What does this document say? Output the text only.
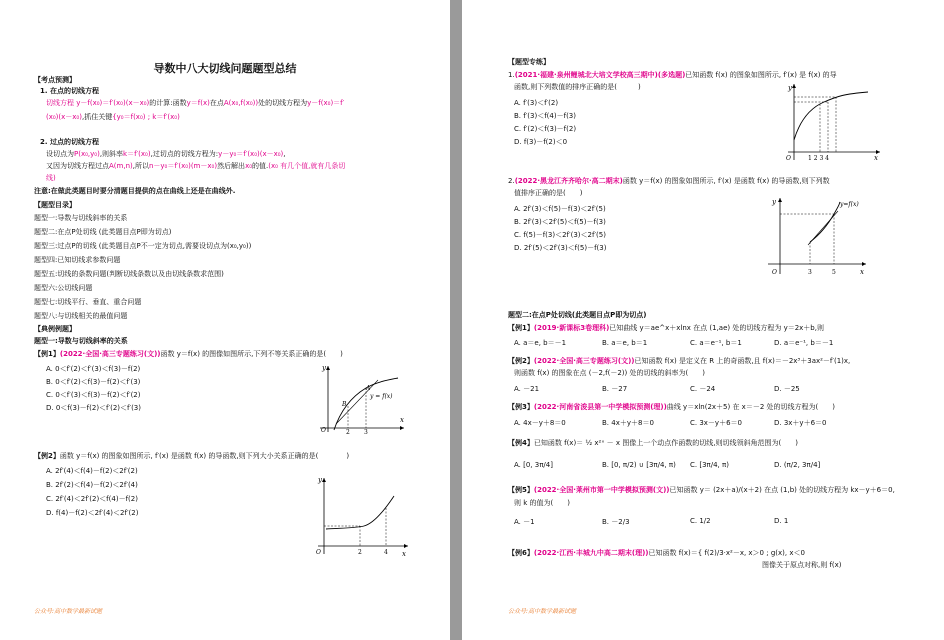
导数中八大切线问题题型总结
【考点预测】
1. 在点的切线方程
切线方程 y－f(x₀)＝f′(x₀)(x－x₀)的计算:函数y＝f(x)在点A(x₀,f(x₀))处的切线方程为y－f(x₀)＝f′
(x₀)(x－x₀),抓住关键{y₀＝f(x₀) ; k＝f′(x₀)
2. 过点的切线方程
设切点为P(x₀,y₀),则斜率k＝f′(x₀),过切点的切线方程为:y－y₀＝f′(x₀)(x－x₀),
又因为切线方程过点A(m,n),所以n－y₀＝f′(x₀)(m－x₀)然后解出x₀的值.(x₀ 有几个值,就有几条切
线)
注意:在做此类题目时要分清题目提供的点在曲线上还是在曲线外.
【题型目录】
题型一:导数与切线斜率的关系
题型二:在点P处切线 (此类题目点P即为切点)
题型三:过点P的切线 (此类题目点P不一定为切点,需要设切点为(x₀,y₀))
题型四:已知切线求参数问题
题型五:切线的条数问题(判断切线条数以及由切线条数求范围)
题型六:公切线问题
题型七:切线平行、垂直、重合问题
题型八:与切线相关的最值问题
【典例例题】
题型一:导数与切线斜率的关系
【例1】(2022·全国·高三专题练习(文))函数 y＝f(x) 的图像如图所示,下列不等关系正确的是(　　)
A. 0＜f′(2)＜f′(3)＜f(3)－f(2)
B. 0＜f′(2)＜f(3)－f(2)＜f′(3)
C. 0＜f′(3)＜f(3)－f(2)＜f′(2)
D. 0＜f(3)－f(2)＜f′(2)＜f′(3)
y
x
O	2 3
A
B
y = f(x)
【例2】函数 y＝f(x) 的图象如图所示, f′(x) 是函数 f(x) 的导函数,则下列大小关系正确的是(　　　　)
A. 2f′(4)＜f(4)－f(2)＜2f′(2)
B. 2f′(2)＜f(4)－f(2)＜2f′(4)
C. 2f′(4)＜2f′(2)＜f(4)－f(2)
D. f(4)－f(2)＜2f′(4)＜2f′(2)
y
x
O	2	4
公众号:高中数学最新试题
【题型专练】
1.(2021·福建·泉州鲤城北大培文学校高三期中)(多选题)已知函数 f(x) 的图象如图所示, f′(x) 是 f(x) 的导
函数,则下列数值的排序正确的是(　　　)
A. f′(3)＜f′(2)
B. f′(3)＜f(4)－f(3)
C. f′(2)＜f(3)－f(2)
D. f(3)－f(2)＜0
y
x
O	1 2 3 4
2.(2022·黑龙江齐齐哈尔·高二期末)函数 y＝f(x) 的图象如图所示, f′(x) 是函数 f(x) 的导函数,则下列数
值排序正确的是(　　)
A. 2f′(3)＜f(5)－f(3)＜2f′(5)
B. 2f′(3)＜2f′(5)＜f(5)－f(3)
C. f(5)－f(3)＜2f′(3)＜2f′(5)
D. 2f′(5)＜2f′(3)＜f(5)－f(3)
y
x
O	3	5
y=f(x)
题型二:在点P处切线(此类题目点P即为切点)
【例1】(2019·新课标3卷理科)已知曲线 y＝ae^x＋xlnx 在点 (1,ae) 处的切线方程为 y＝2x＋b,则
A. a＝e, b＝－1	B. a＝e, b＝1	C. a＝e⁻¹, b＝1	D. a＝e⁻¹, b＝－1
【例2】(2022·全国·高三专题练习(文))已知函数 f(x) 是定义在 R 上的奇函数,且 f(x)＝－2x³＋3ax²－f′(1)x,
则函数 f(x) 的图象在点 (－2,f(－2)) 处的切线的斜率为(　　)
A. －21	B. －27	C. －24	D. －25
【例3】(2022·河南省浚县第一中学模拟预测(理))曲线 y＝xln(2x＋5) 在 x＝－2 处的切线方程为(　　)
A. 4x－y＋8＝0	B. 4x＋y＋8＝0	C. 3x－y＋6＝0	D. 3x＋y＋6＝0
【例4】已知函数 f(x)＝ ½ x²ˣ － x 图像上一个动点作函数的切线,则切线领斜角范围为(　　)
A. [0, 3π/4]	B. [0, π/2) ∪ [3π/4, π) C. [3π/4, π)	D. (π/2, 3π/4]
【例5】(2022·全国·莱州市第一中学模拟预测(文))已知函数 y＝ (2x＋a)/(x＋2) 在点 (1,b) 处的切线方程为 kx－y＋6＝0,
则 k 的值为(　　)
A. －1	B. －2/3	C. 1/2	D. 1
【例6】(2022·江西·丰城九中高二期末(理))已知函数 f(x)＝{ f(2)/3·x²－x, x＞0 ; g(x), x＜0
图像关于原点对称,则 f(x)
公众号:高中数学最新试题
